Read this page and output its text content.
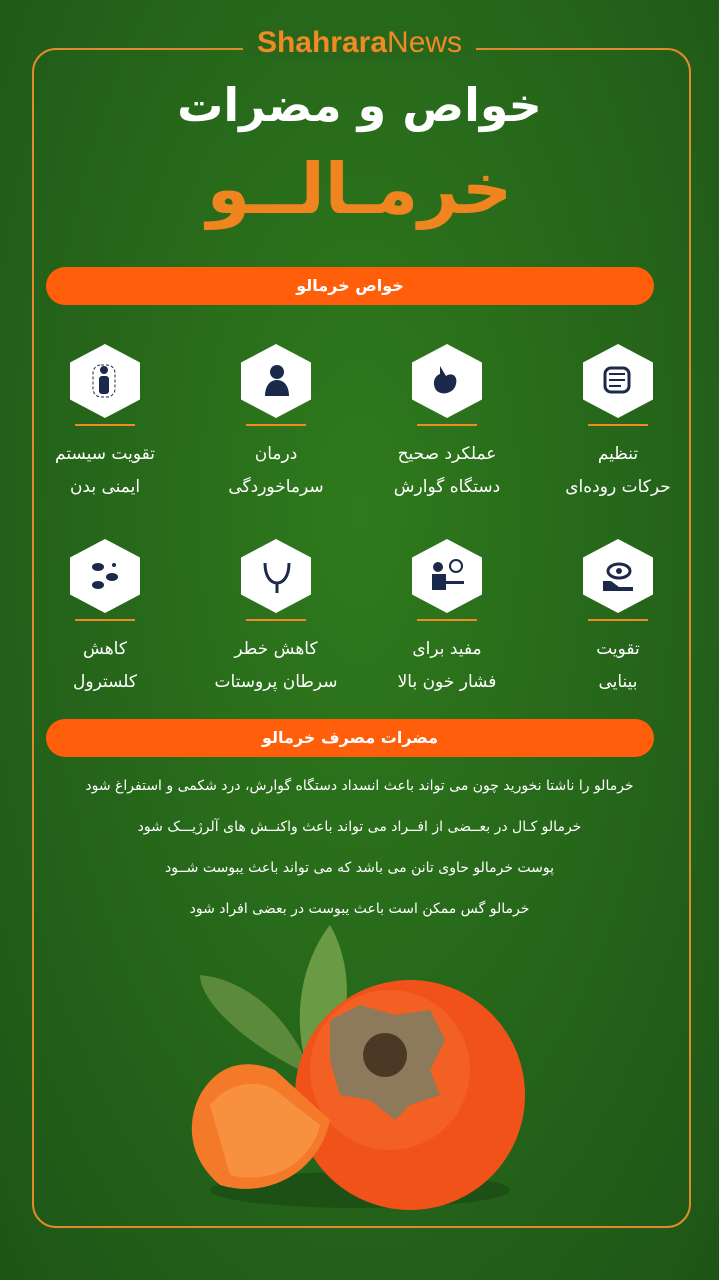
ShahraraNews
خواص و مضرات
خرمـالــو
خواص خرمالو
تنظیم
حرکات روده‌ای
عملکرد صحیح
دستگاه گوارش
درمان
سرماخوردگی
تقویت سیستم
ایمنی بدن
تقویت
بینایی
مفید برای
فشار خون بالا
کاهش خطر
سرطان پروستات
کاهش
کلسترول
مضرات مصرف خرمالو
خرمالو را ناشتا نخورید چون می تواند باعث انسداد دستگاه گوارش، درد شکمی و استفراغ شود
خرمالو کـال در بعــضی از افــراد می تواند باعث واکنــش های آلرژیـــک شود
پوست خرمالو حاوی تانن می باشد که می تواند باعث یبوست شــود
خرمالو گس ممکن است باعث یبوست در بعضی افراد شود
